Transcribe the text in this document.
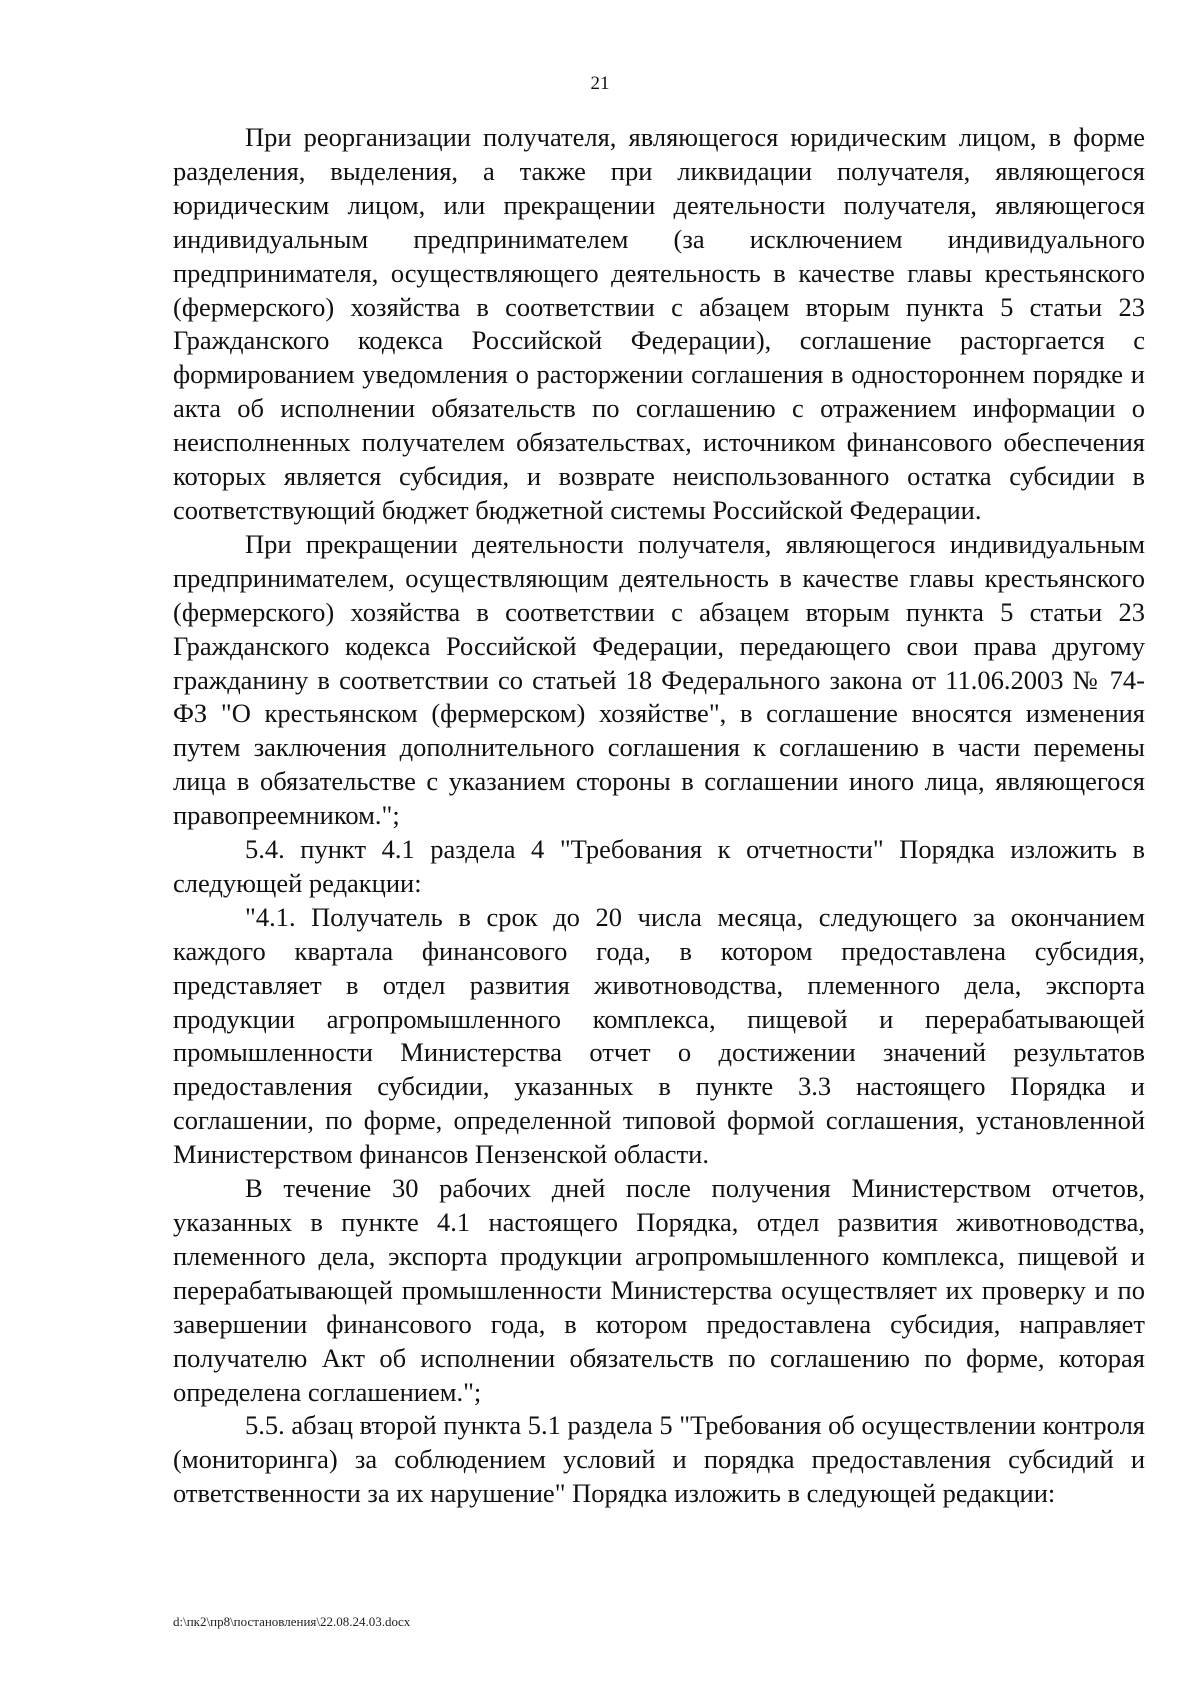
21

При реорганизации получателя, являющегося юридическим лицом, в форме разделения, выделения, а также при ликвидации получателя, являющегося юридическим лицом, или прекращении деятельности получателя, являющегося индивидуальным предпринимателем (за исключением индивидуального предпринимателя, осуществляющего деятельность в качестве главы крестьянского (фермерского) хозяйства в соответствии с абзацем вторым пункта 5 статьи 23 Гражданского кодекса Российской Федерации), соглашение расторгается с формированием уведомления о расторжении соглашения в одностороннем порядке и акта об исполнении обязательств по соглашению с отражением информации о неисполненных получателем обязательствах, источником финансового обеспечения которых является субсидия, и возврате неиспользованного остатка субсидии в соответствующий бюджет бюджетной системы Российской Федерации.

При прекращении деятельности получателя, являющегося индивидуальным предпринимателем, осуществляющим деятельность в качестве главы крестьянского (фермерского) хозяйства в соответствии с абзацем вторым пункта 5 статьи 23 Гражданского кодекса Российской Федерации, передающего свои права другому гражданину в соответствии со статьей 18 Федерального закона от 11.06.2003 № 74-ФЗ "О крестьянском (фермерском) хозяйстве", в соглашение вносятся изменения путем заключения дополнительного соглашения к соглашению в части перемены лица в обязательстве с указанием стороны в соглашении иного лица, являющегося правопреемником.";

5.4. пункт 4.1 раздела 4 "Требования к отчетности" Порядка изложить в следующей редакции:

"4.1. Получатель в срок до 20 числа месяца, следующего за окончанием каждого квартала финансового года, в котором предоставлена субсидия, представляет в отдел развития животноводства, племенного дела, экспорта продукции агропромышленного комплекса, пищевой и перерабатывающей промышленности Министерства отчет о достижении значений результатов предоставления субсидии, указанных в пункте 3.3 настоящего Порядка и соглашении, по форме, определенной типовой формой соглашения, установленной Министерством финансов Пензенской области.

В течение 30 рабочих дней после получения Министерством отчетов, указанных в пункте 4.1 настоящего Порядка, отдел развития животноводства, племенного дела, экспорта продукции агропромышленного комплекса, пищевой и перерабатывающей промышленности Министерства осуществляет их проверку и по завершении финансового года, в котором предоставлена субсидия, направляет получателю Акт об исполнении обязательств по соглашению по форме, которая определена соглашением.";

5.5. абзац второй пункта 5.1 раздела 5 "Требования об осуществлении контроля (мониторинга) за соблюдением условий и порядка предоставления субсидий и ответственности за их нарушение" Порядка изложить в следующей редакции:

d:\пк2\пр8\постановления\22.08.24.03.docx
